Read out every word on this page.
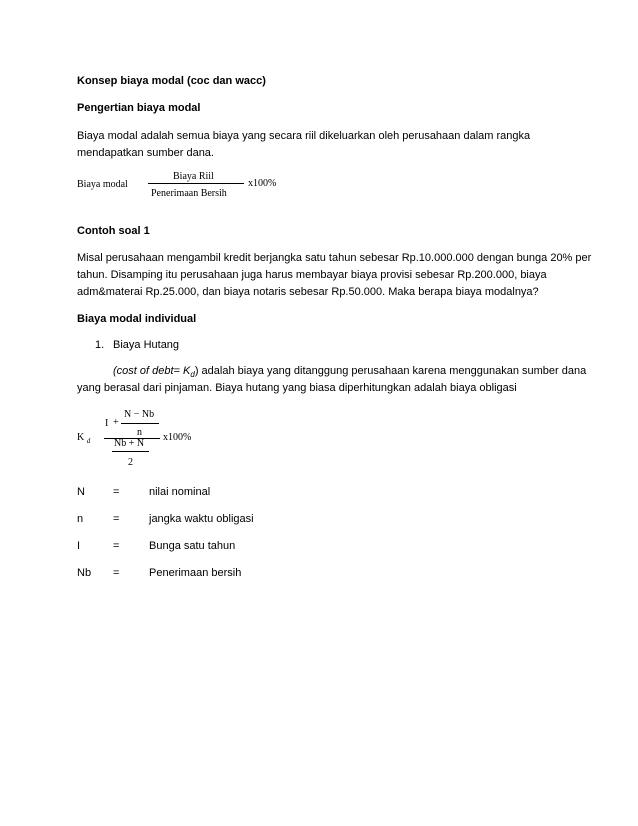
Konsep biaya modal (coc dan wacc)
Pengertian biaya modal
Biaya modal adalah semua biaya yang secara riil dikeluarkan oleh perusahaan dalam rangka
mendapatkan sumber dana.
Biaya modal
Biaya Riil
Penerimaan Bersih
x100%
Contoh soal 1
Misal perusahaan mengambil kredit berjangka satu tahun sebesar Rp.10.000.000 dengan bunga 20% per
tahun. Disamping itu perusahaan juga harus membayar biaya provisi sebesar Rp.200.000, biaya
adm&materai Rp.25.000, dan biaya notaris sebesar Rp.50.000. Maka berapa biaya modalnya?
Biaya modal individual
1. Biaya Hutang
(cost of debt= $K_d$) adalah biaya yang ditanggung perusahaan karena menggunakan sumber dana
yang berasal dari pinjaman. Biaya hutang yang biasa diperhitungkan adalah biaya obligasi
K $_d$
I +
N − Nb
n
Nb + N
2
x100%
N	=	nilai nominal
n	=	jangka waktu obligasi
I	=	Bunga satu tahun
Nb =	Penerimaan bersih
